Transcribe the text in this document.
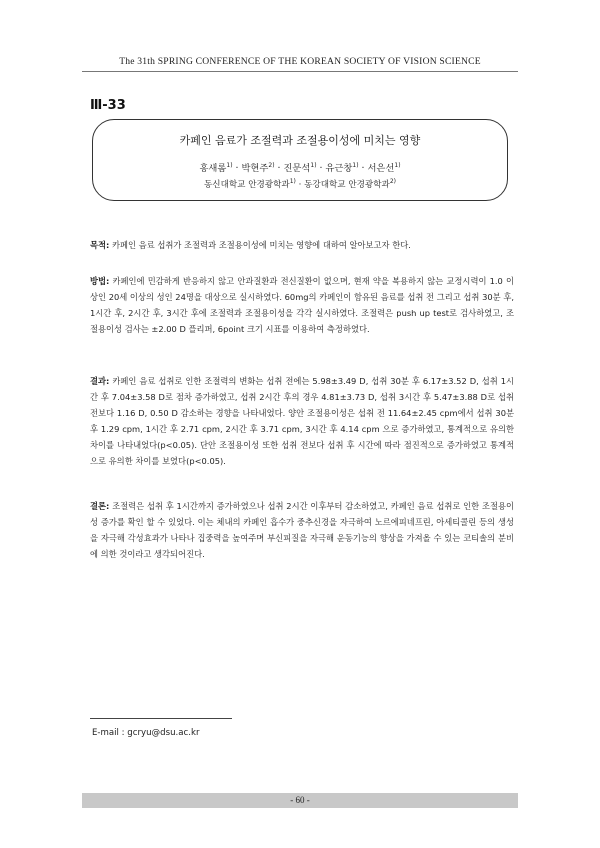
The 31th SPRING CONFERENCE OF THE KOREAN SOCIETY OF VISION SCIENCE
Ⅲ-33
카페인 음료가 조절력과 조절용이성에 미치는 영향
홍새롬$^{1)}$ · 박현주$^{2)}$ · 진문석$^{1)}$ · 유근창$^{1)}$ · 서은선$^{1)}$
동신대학교 안경광학과$^{1)}$ · 동강대학교 안경광학과$^{2)}$
목적: 카페인 음료 섭취가 조절력과 조절용이성에 미치는 영향에 대하여 알아보고자 한다.
방법: 카페인에 민감하게 반응하지 않고 안과질환과 전신질환이 없으며, 현재 약을 복용하지 않는 교정시력이 1.0 이상인 20세 이상의 성인 24명을 대상으로 실시하였다. 60mg의 카페인이 함유된 음료를 섭취 전 그리고 섭취 30분 후, 1시간 후, 2시간 후, 3시간 후에 조절력과 조절용이성을 각각 실시하였다. 조절력은 push up test로 검사하였고, 조절용이성 검사는 ±2.00 D 플리퍼, 6point 크기 시표를 이용하여 측정하였다.
결과: 카페인 음료 섭취로 인한 조절력의 변화는 섭취 전에는 5.98±3.49 D, 섭취 30분 후 6.17±3.52 D, 섭취 1시간 후 7.04±3.58 D로 점차 증가하였고, 섭취 2시간 후의 경우 4.81±3.73 D, 섭취 3시간 후 5.47±3.88 D로 섭취 전보다 1.16 D, 0.50 D 감소하는 경향을 나타내었다. 양안 조절용이성은 섭취 전 11.64±2.45 cpm에서 섭취 30분 후 1.29 cpm, 1시간 후 2.71 cpm, 2시간 후 3.71 cpm, 3시간 후 4.14 cpm 으로 증가하였고, 통계적으로 유의한 차이를 나타내었다(p<0.05). 단안 조절용이성 또한 섭취 전보다 섭취 후 시간에 따라 점진적으로 증가하였고 통계적으로 유의한 차이를 보였다(p<0.05).
결론: 조절력은 섭취 후 1시간까지 증가하였으나 섭취 2시간 이후부터 감소하였고, 카페인 음료 섭취로 인한 조절용이성 증가를 확인 할 수 있었다. 이는 체내의 카페인 흡수가 중추신경을 자극하여 노르에피네프린, 아세티콜린 등의 생성을 자극해 각성효과가 나타나 집중력을 높여주며 부신피질을 자극해 운동기능의 향상을 가져올 수 있는 코티솔의 분비에 의한 것이라고 생각되어진다.
E-mail : gcryu@dsu.ac.kr
- 60 -
